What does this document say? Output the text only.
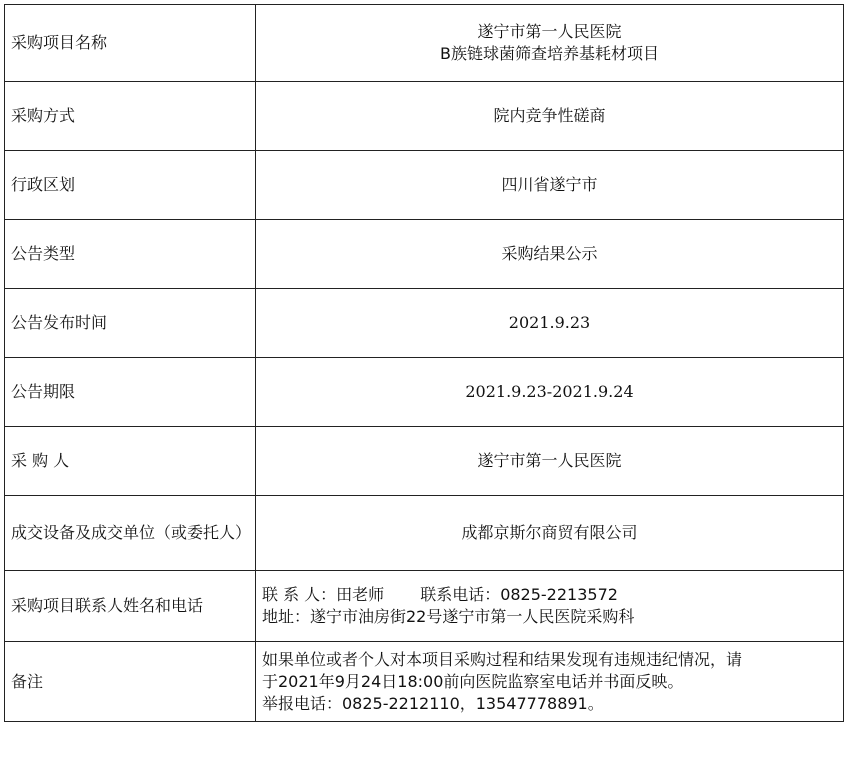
采购项目名称	遂宁市第一人民医院
B族链球菌筛查培养基耗材项目

采购方式	院内竞争性磋商
行政区划	四川省遂宁市
公告类型	采购结果公示
公告发布时间	2021.9.23
公告期限	2021.9.23-2021.9.24
采 购 人	遂宁市第一人民医院
成交设备及成交单位（或委托人）	成都京斯尔商贸有限公司
采购项目联系人姓名和电话	联 系 人：田老师 联系电话：0825-2213572
地址：遂宁市油房街22号遂宁市第一人民医院采购科

备注	如果单位或者个人对本项目采购过程和结果发现有违规违纪情况，请
于2021年9月24日18:00前向医院监察室电话并书面反映。
举报电话：0825-2212110，13547778891。
